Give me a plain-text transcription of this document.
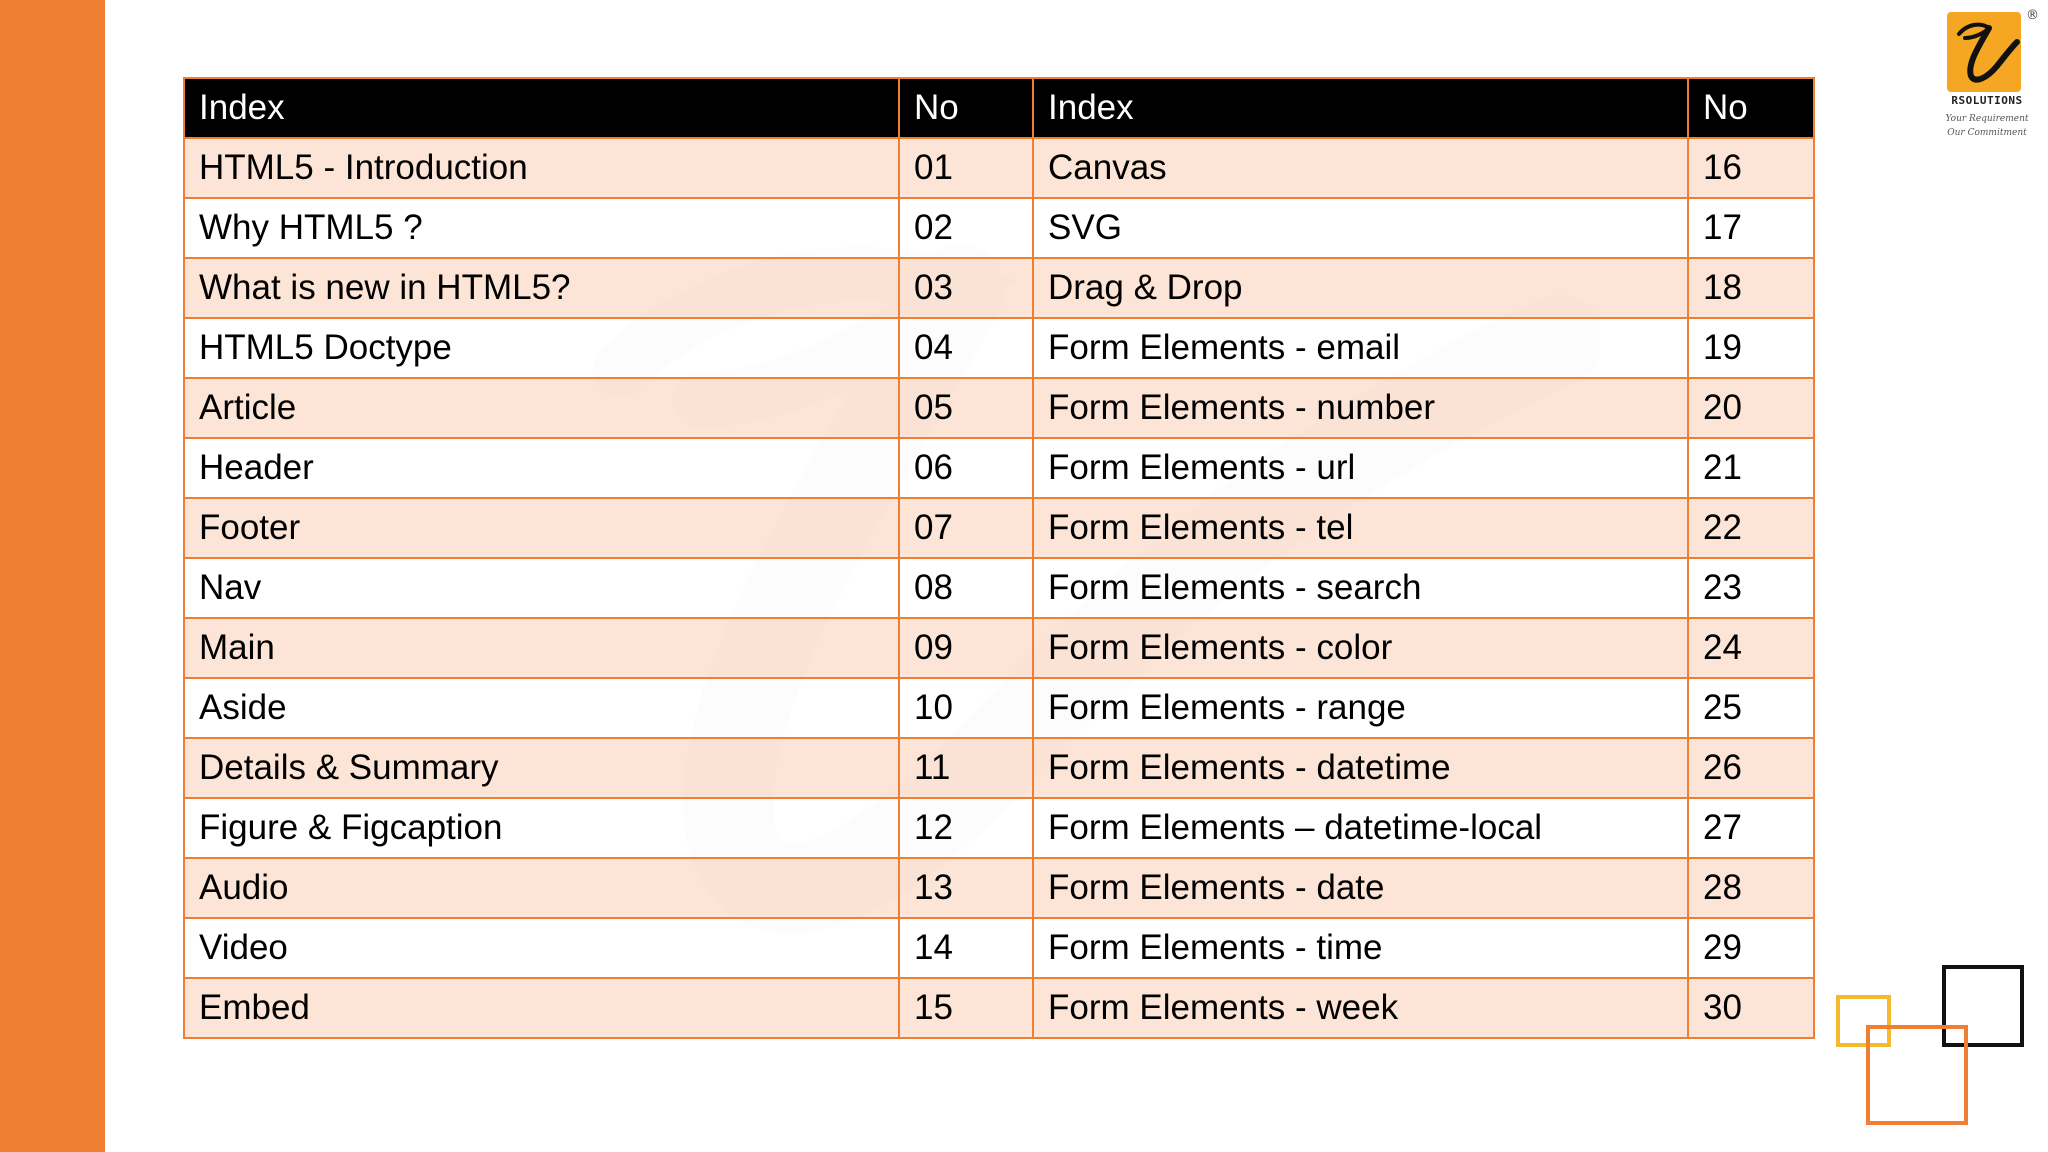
Index	No	Index	No
HTML5 - Introduction	01	Canvas	16
Why HTML5 ?	02	SVG	17
What is new in HTML5?	03	Drag & Drop	18
HTML5 Doctype	04	Form Elements - email	19
Article	05	Form Elements - number	20
Header	06	Form Elements - url	21
Footer	07	Form Elements - tel	22
Nav	08	Form Elements - search	23
Main	09	Form Elements - color	24
Aside	10	Form Elements - range	25
Details & Summary	11	Form Elements - datetime	26
Figure & Figcaption	12	Form Elements – datetime-local	27
Audio	13	Form Elements - date	28
Video	14	Form Elements - time	29
Embed	15	Form Elements - week	30
®
RSOLUTIONS
Your Requirement
Our Commitment
